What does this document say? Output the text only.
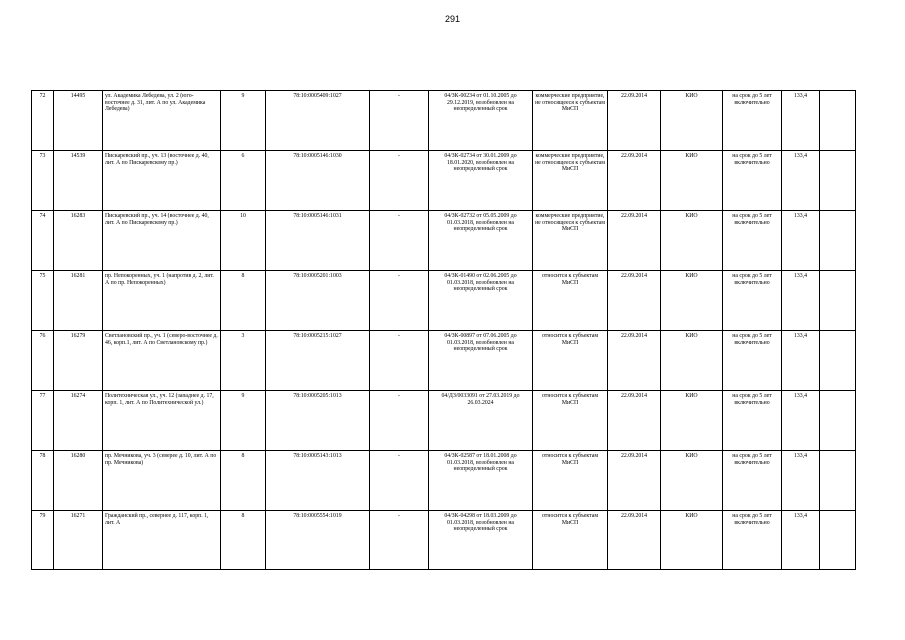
291
72	14495	ул. Академика Лебедева, ул. 2 (юго-восточнее д. 31, лит. А по ул. Академика Лебедева)	9	78:10:0005409:1027	-	04/ЗК-00234 от 01.10.2005 до 29.12.2019, возобновлен на неопределенный срок	коммерческие предприятие, не относящееся к субъектам МиСП	22.09.2014	КИО	на срок до 5 лет включительно	133,4	
73	14539	Пискаревский пр., уч. 13 (восточнее д. 40, лит. А по Пискаревскому пр.)	6	78:10:0005146:1030	-	04/ЗК-02734 от 30.01.2009 до 18.01.2020, возобновлен на неопределенный срок	коммерческие предприятие, не относящееся к субъектам МиСП	22.09.2014	КИО	на срок до 5 лет включительно	133,4	
74	16283	Пискаревский пр., уч. 14 (восточнее д. 40, лит. А по Пискаревскому пр.)	10	78:10:0005146:1031	-	04/ЗК-02732 от 05.05.2009 до 01.03.2018, возобновлен на неопределенный срок	коммерческие предприятие, не относящееся к субъектам МиСП	22.09.2014	КИО	на срок до 5 лет включительно	133,4	
75	16281	пр. Непокоренных, уч. 1 (напротив д. 2, лит. А по пр. Непокоренных)	8	78:10:0005201:1003	-	04/ЗК-01490 от 02.06.2005 до 01.03.2018, возобновлен на неопределенный срок	относится к субъектам МиСП	22.09.2014	КИО	на срок до 5 лет включительно	133,4	
76	16279	Светлановский пр., уч. 1 (северо-восточнее д. 46, корп.1, лит. А по Светлановскому пр.)	3	78:10:0005215:1027	-	04/ЗК-00897 от 07.06.2005 до 01.03.2018, возобновлен на неопределенный срок	относится к субъектам МиСП	22.09.2014	КИО	на срок до 5 лет включительно	133,4	
77	16274	Политехническая ул., уч. 12 (западнее д. 17, корп. 1, лит. А по Политехнической ул.)	9	78:10:0005205:1013	-	04/ДЗ/0033091 от 27.03.2019 до 26.03.2024	относится к субъектам МиСП	22.09.2014	КИО	на срок до 5 лет включительно	133,4	
78	16280	пр. Мечникова, уч. 3 (северее д. 10, лит. А по пр. Мечникова)	8	78:10:0005143:1013	-	04/ЗК-02587 от 18.01.2008 до 01.03.2018, возобновлен на неопределенный срок	относится к субъектам МиСП	22.09.2014	КИО	на срок до 5 лет включительно	133,4	
79	16271	Гражданский пр., севернее д. 117, корп. 1, лит. А	8	78:10:0005554:1019	-	04/ЗК-04298 от 18.03.2009 до 01.03.2018, возобновлен на неопределенный срок	относится к субъектам МиСП	22.09.2014	КИО	на срок до 5 лет включительно	133,4	
